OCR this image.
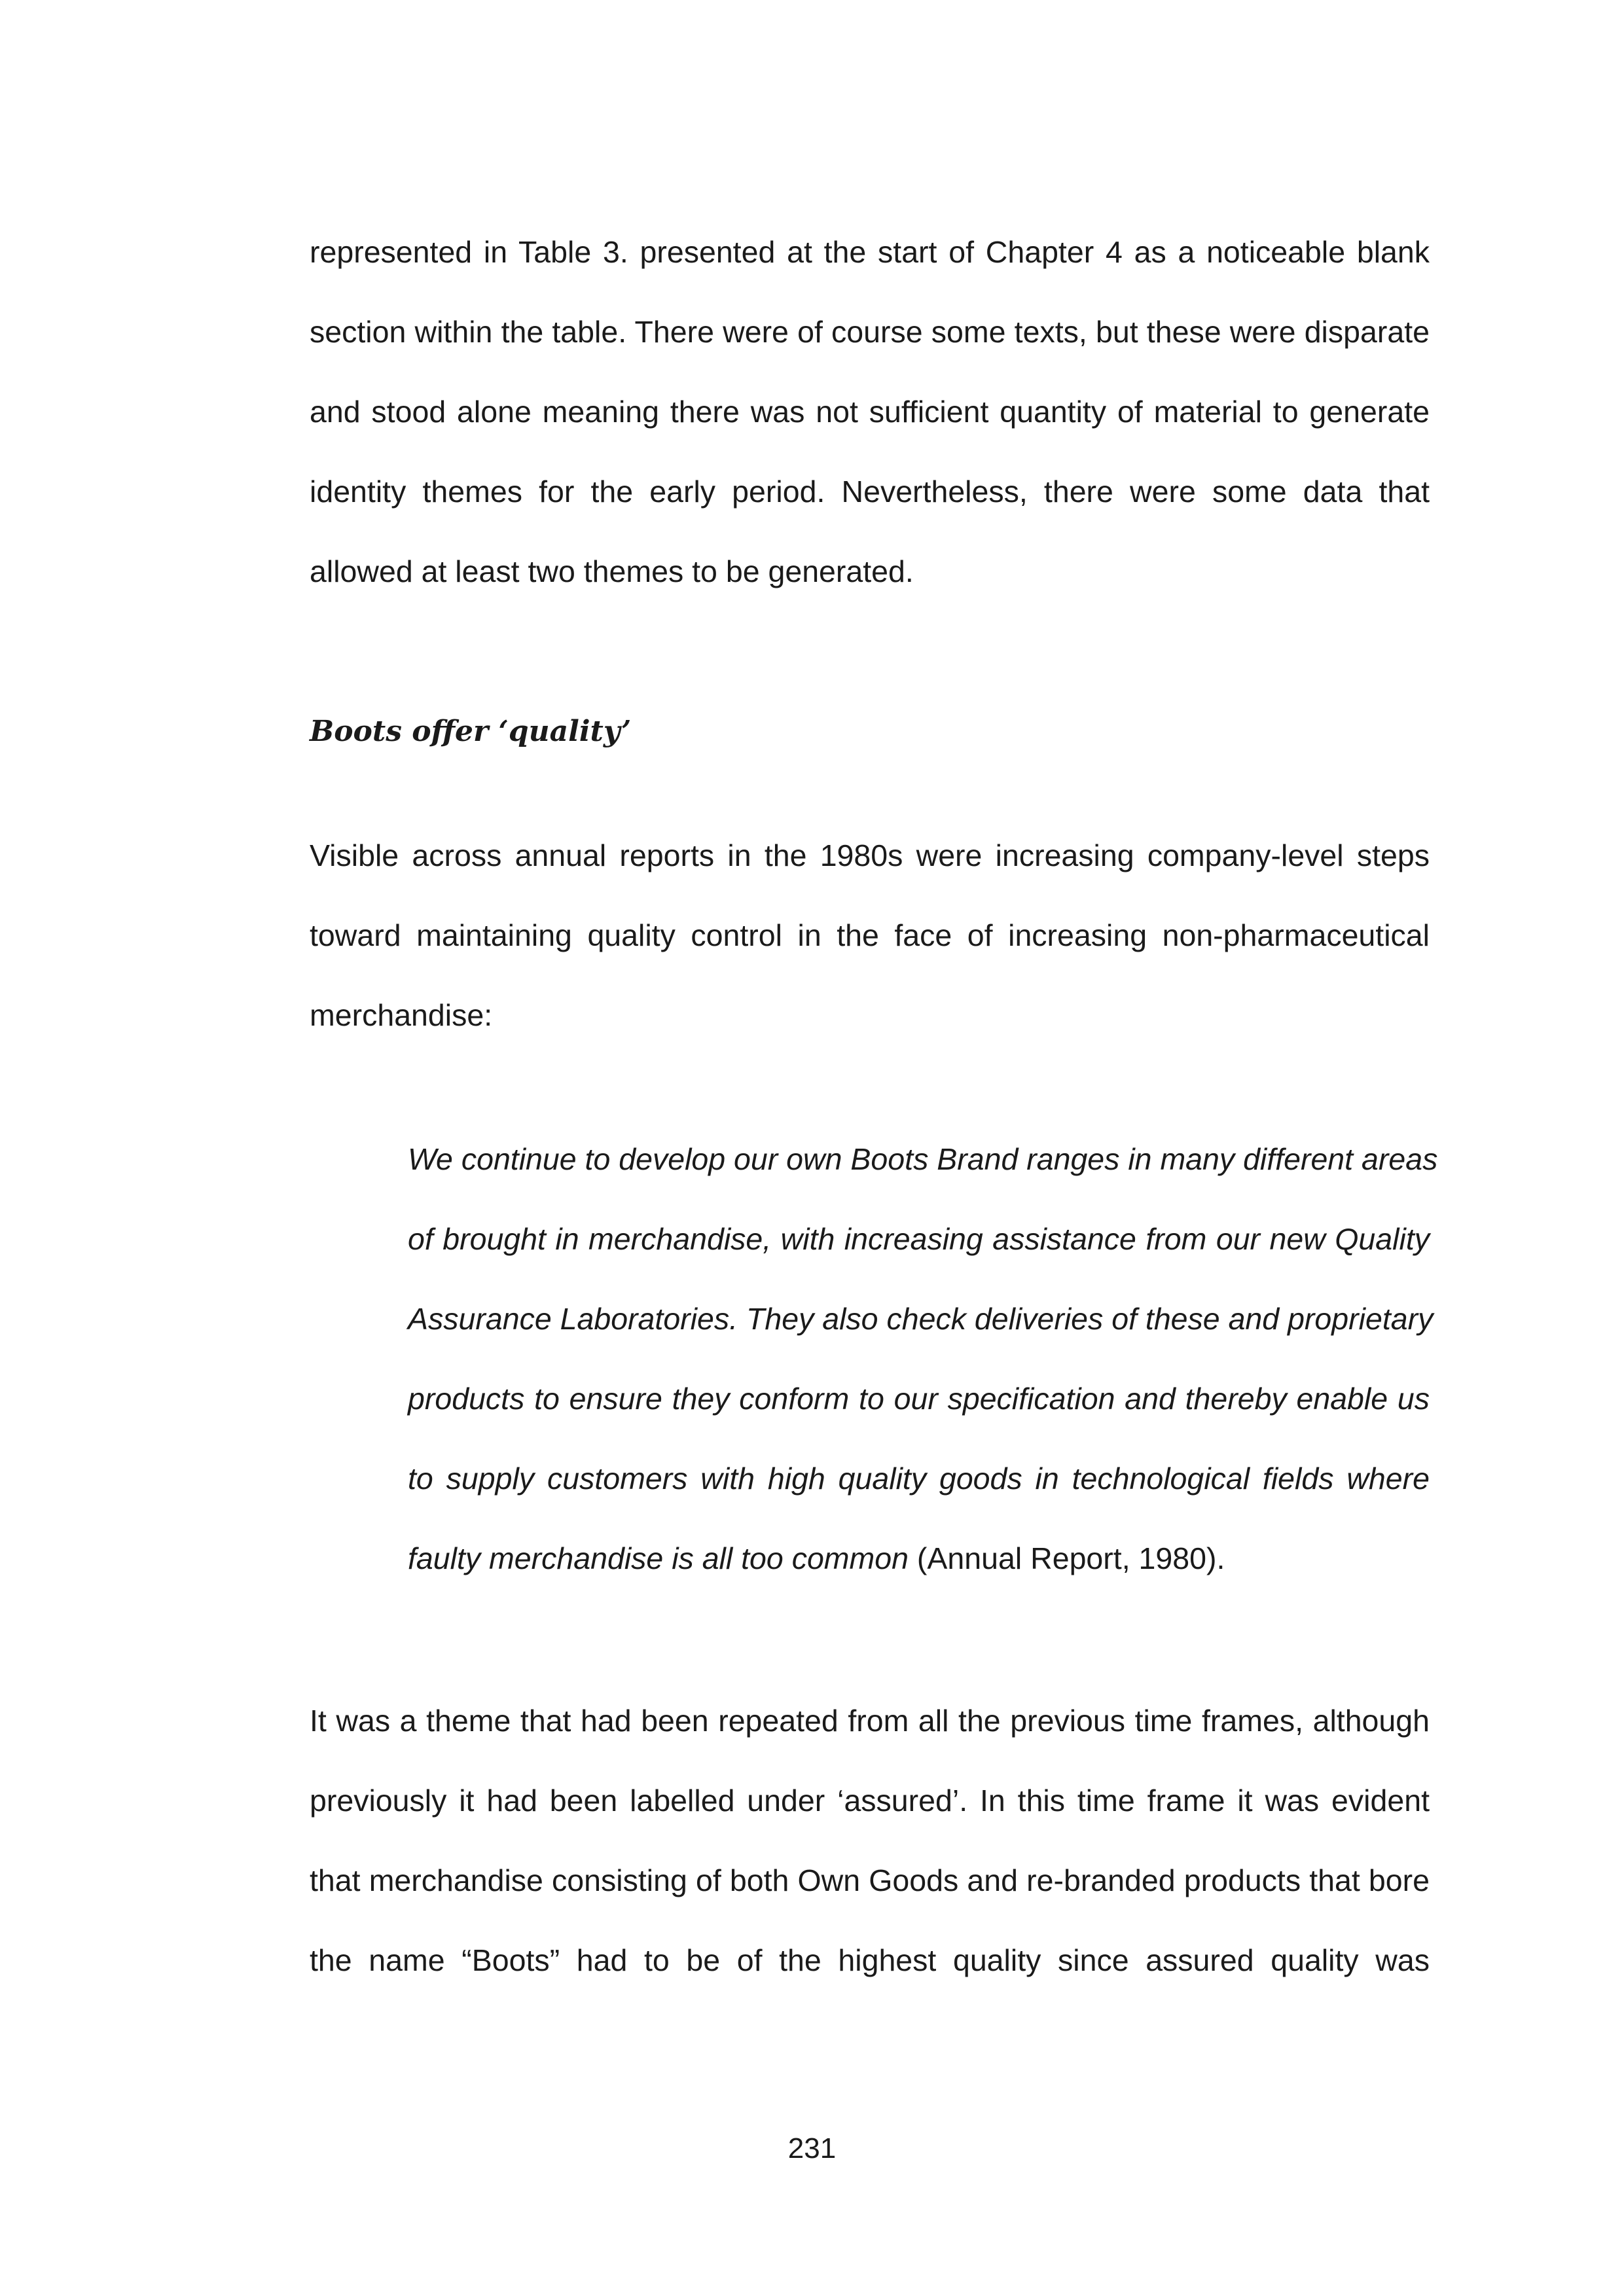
represented in Table 3. presented at the start of Chapter 4 as a noticeable blank
section within the table. There were of course some texts, but these were disparate
and stood alone meaning there was not sufficient quantity of material to generate
identity themes for the early period. Nevertheless, there were some data that
allowed at least two themes to be generated.

Boots offer ‘quality’

Visible across annual reports in the 1980s were increasing company-level steps
toward maintaining quality control in the face of increasing non-pharmaceutical
merchandise:

We continue to develop our own Boots Brand ranges in many different areas
of brought in merchandise, with increasing assistance from our new Quality
Assurance Laboratories. They also check deliveries of these and proprietary
products to ensure they conform to our specification and thereby enable us
to supply customers with high quality goods in technological fields where
faulty merchandise is all too common (Annual Report, 1980).

It was a theme that had been repeated from all the previous time frames, although
previously it had been labelled under ‘assured’. In this time frame it was evident
that merchandise consisting of both Own Goods and re-branded products that bore
the name “Boots” had to be of the highest quality since assured quality was

231
